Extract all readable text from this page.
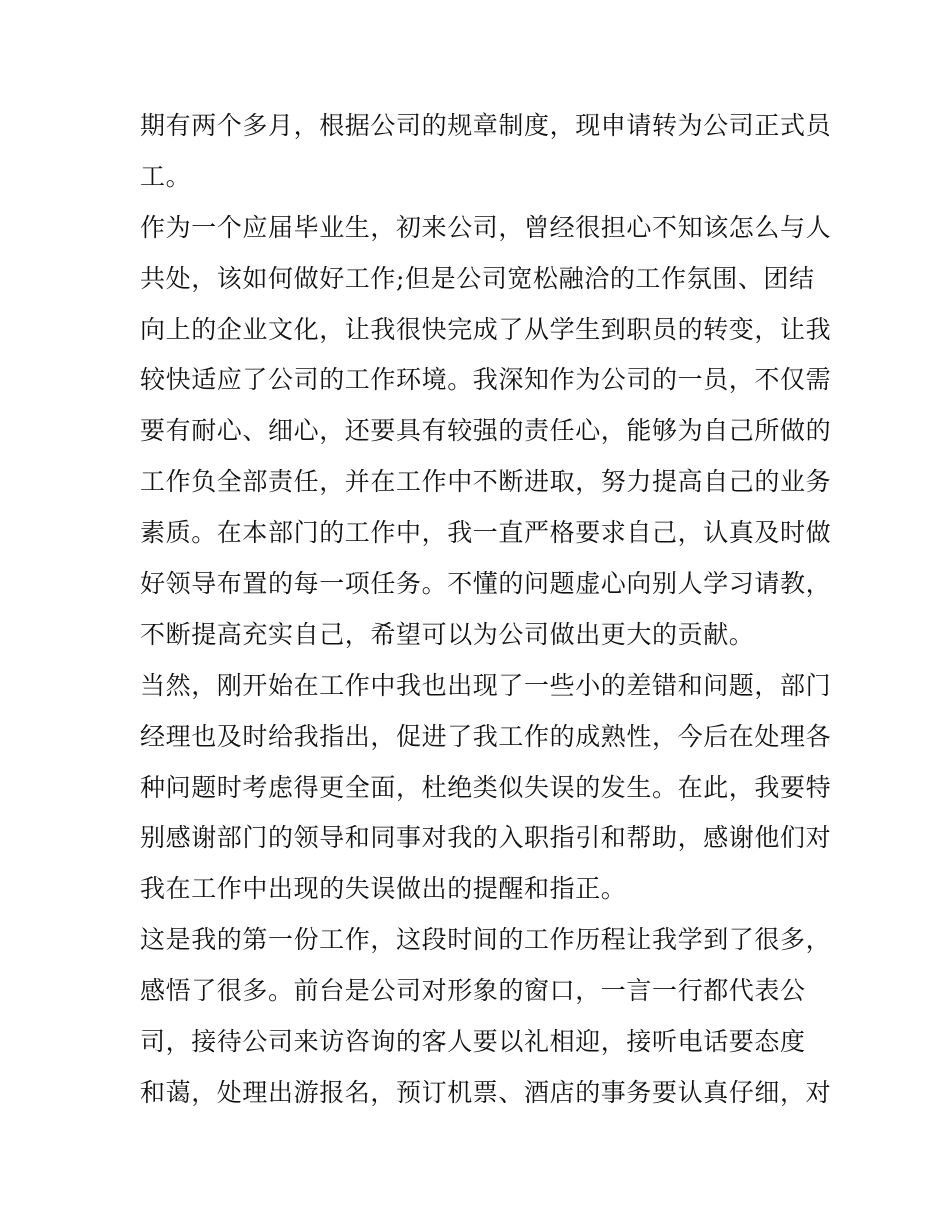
期有两个多月，根据公司的规章制度，现申请转为公司正式员
工。
作为一个应届毕业生，初来公司，曾经很担心不知该怎么与人
共处，该如何做好工作;但是公司宽松融洽的工作氛围、团结
向上的企业文化，让我很快完成了从学生到职员的转变，让我
较快适应了公司的工作环境。我深知作为公司的一员，不仅需
要有耐心、细心，还要具有较强的责任心，能够为自己所做的
工作负全部责任，并在工作中不断进取，努力提高自己的业务
素质。在本部门的工作中，我一直严格要求自己，认真及时做
好领导布置的每一项任务。不懂的问题虚心向别人学习请教，
不断提高充实自己，希望可以为公司做出更大的贡献。
当然，刚开始在工作中我也出现了一些小的差错和问题，部门
经理也及时给我指出，促进了我工作的成熟性，今后在处理各
种问题时考虑得更全面，杜绝类似失误的发生。在此，我要特
别感谢部门的领导和同事对我的入职指引和帮助，感谢他们对
我在工作中出现的失误做出的提醒和指正。
这是我的第一份工作，这段时间的工作历程让我学到了很多，
感悟了很多。前台是公司对形象的窗口，一言一行都代表公
司，接待公司来访咨询的客人要以礼相迎，接听电话要态度
和蔼，处理出游报名，预订机票、酒店的事务要认真仔细，对
